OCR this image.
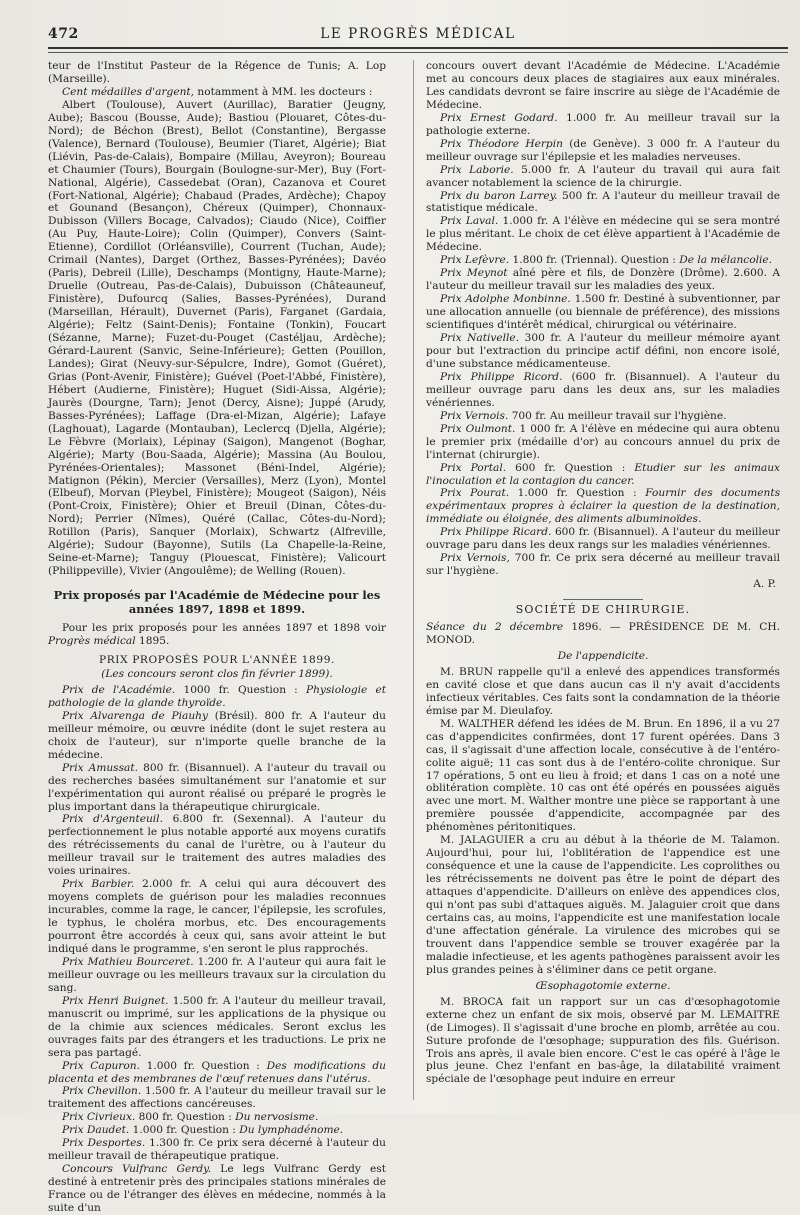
472	LE PROGRÈS MÉDICAL

teur de l'Institut Pasteur de la Régence de Tunis; A. Lop (Marseille).

Cent médailles d'argent, notamment à MM. les docteurs :

Albert (Toulouse), Auvert (Aurillac), Baratier (Jeugny, Aube); Bascou (Bousse, Aude); Bastiou (Plouaret, Côtes-du-Nord); de Béchon (Brest), Bellot (Constantine), Bergasse (Valence), Bernard (Toulouse), Beumier (Tiaret, Algérie); Biat (Liévin, Pas-de-Calais), Bompaire (Millau, Aveyron); Boureau et Chaumier (Tours), Bourgain (Boulogne-sur-Mer), Buy (Fort-National, Algérie), Cassedebat (Oran), Cazanova et Couret (Fort-National, Algérie); Chabaud (Prades, Ardèche); Chapoy et Gounand (Besançon), Chéreux (Quimper), Chonnaux-Dubisson (Villers Bocage, Calvados); Ciaudo (Nice), Coiffier (Au Puy, Haute-Loire); Colin (Quimper), Convers (Saint-Etienne), Cordillot (Orléansville), Courrent (Tuchan, Aude); Crimail (Nantes), Darget (Orthez, Basses-Pyrénées); Davéo (Paris), Debreil (Lille), Deschamps (Montigny, Haute-Marne); Druelle (Outreau, Pas-de-Calais), Dubuisson (Châteauneuf, Finistère), Dufourcq (Salies, Basses-Pyrénées), Durand (Marseillan, Hérault), Duvernet (Paris), Farganet (Gardaia, Algérie); Feltz (Saint-Denis); Fontaine (Tonkin), Foucart (Sézanne, Marne); Fuzet-du-Pouget (Castéljau, Ardèche); Gérard-Laurent (Sanvic, Seine-Inférieure); Getten (Pouillon, Landes); Girat (Neuvy-sur-Sépulcre, Indre), Gomot (Guéret), Grias (Pont-Avenir, Finistère); Guével (Poet-l'Abbé, Finistère), Hébert (Audierne, Finistère); Huguet (Sidi-Aissa, Algérie); Jaurès (Dourgne, Tarn); Jenot (Dercy, Aisne); Juppé (Arudy, Basses-Pyrénées); Laffage (Dra-el-Mizan, Algérie); Lafaye (Laghouat), Lagarde (Montauban), Leclercq (Djella, Algérie); Le Fèbvre (Morlaix), Lépinay (Saigon), Mangenot (Boghar, Algérie); Marty (Bou-Saada, Algérie); Massina (Au Boulou, Pyrénées-Orientales); Massonet (Béni-Indel, Algérie); Matignon (Pékin), Mercier (Versailles), Merz (Lyon), Montel (Elbeuf), Morvan (Pleybel, Finistère); Mougeot (Saigon), Néis (Pont-Croix, Finistère); Ohier et Breuil (Dinan, Côtes-du-Nord); Perrier (Nîmes), Quéré (Callac, Côtes-du-Nord); Rotillon (Paris), Sanquer (Morlaix), Schwartz (Alfreville, Algérie); Sudour (Bayonne), Sutils (La Chapelle-la-Reine, Seine-et-Marne); Tanguy (Plouescat, Finistère); Valicourt (Philippeville), Vivier (Angoulême); de Welling (Rouen).

Prix proposés par l'Académie de Médecine pour les années 1897, 1898 et 1899.

Pour les prix proposés pour les années 1897 et 1898 voir Progrès médical 1895.

PRIX PROPOSÉS POUR L'ANNÉE 1899.
(Les concours seront clos fin février 1899).

Prix de l'Académie. 1000 fr. Question : Physiologie et pathologie de la glande thyroïde.

Prix Alvarenga de Piauhy (Brésil). 800 fr. A l'auteur du meilleur mémoire, ou œuvre inédite (dont le sujet restera au choix de l'auteur), sur n'importe quelle branche de la médecine.

Prix Amussat. 800 fr. (Bisannuel). A l'auteur du travail ou des recherches basées simultanément sur l'anatomie et sur l'expérimentation qui auront réalisé ou préparé le progrès le plus important dans la thérapeutique chirurgicale.

Prix d'Argenteuil. 6.800 fr. (Sexennal). A l'auteur du perfectionnement le plus notable apporté aux moyens curatifs des rétrécissements du canal de l'urètre, ou à l'auteur du meilleur travail sur le traitement des autres maladies des voies urinaires.

Prix Barbier. 2.000 fr. A celui qui aura découvert des moyens complets de guérison pour les maladies reconnues incurables, comme la rage, le cancer, l'épilepsie, les scrofules, le typhus, le choléra morbus, etc. Des encouragements pourront être accordés à ceux qui, sans avoir atteint le but indiqué dans le programme, s'en seront le plus rapprochés.

Prix Mathieu Bourceret. 1.200 fr. A l'auteur qui aura fait le meilleur ouvrage ou les meilleurs travaux sur la circulation du sang.

Prix Henri Buignet. 1.500 fr. A l'auteur du meilleur travail, manuscrit ou imprimé, sur les applications de la physique ou de la chimie aux sciences médicales. Seront exclus les ouvrages faits par des étrangers et les traductions. Le prix ne sera pas partagé.

Prix Capuron. 1.000 fr. Question : Des modifications du placenta et des membranes de l'œuf retenues dans l'utérus.

Prix Chevillon. 1.500 fr. A l'auteur du meilleur travail sur le traitement des affections cancéreuses.

Prix Civrieux. 800 fr. Question : Du nervosisme.

Prix Daudet. 1.000 fr. Question : Du lymphadénome.

Prix Desportes. 1.300 fr. Ce prix sera décerné à l'auteur du meilleur travail de thérapeutique pratique.

Concours Vulfranc Gerdy. Le legs Vulfranc Gerdy est destiné à entretenir près des principales stations minérales de France ou de l'étranger des élèves en médecine, nommés à la suite d'un

concours ouvert devant l'Académie de Médecine. L'Académie met au concours deux places de stagiaires aux eaux minérales. Les candidats devront se faire inscrire au siège de l'Académie de Médecine.

Prix Ernest Godard. 1.000 fr. Au meilleur travail sur la pathologie externe.

Prix Théodore Herpin (de Genève). 3 000 fr. A l'auteur du meilleur ouvrage sur l'épilepsie et les maladies nerveuses.

Prix Laborie. 5.000 fr. A l'auteur du travail qui aura fait avancer notablement la science de la chirurgie.

Prix du baron Larrey. 500 fr. A l'auteur du meilleur travail de statistique médicale.

Prix Laval. 1.000 fr. A l'élève en médecine qui se sera montré le plus méritant. Le choix de cet élève appartient à l'Académie de Médecine.

Prix Lefèvre. 1.800 fr. (Triennal). Question : De la mélancolie.

Prix Meynot aîné père et fils, de Donzère (Drôme). 2.600. A l'auteur du meilleur travail sur les maladies des yeux.

Prix Adolphe Monbinne. 1.500 fr. Destiné à subventionner, par une allocation annuelle (ou biennale de préférence), des missions scientifiques d'intérêt médical, chirurgical ou vétérinaire.

Prix Nativelle. 300 fr. A l'auteur du meilleur mémoire ayant pour but l'extraction du principe actif défini, non encore isolé, d'une substance médicamenteuse.

Prix Philippe Ricord. (600 fr. (Bisannuel). A l'auteur du meilleur ouvrage paru dans les deux ans, sur les maladies vénériennes.

Prix Vernois. 700 fr. Au meilleur travail sur l'hygiène.

Prix Oulmont. 1 000 fr. A l'élève en médecine qui aura obtenu le premier prix (médaille d'or) au concours annuel du prix de l'internat (chirurgie).

Prix Portal. 600 fr. Question : Etudier sur les animaux l'inoculation et la contagion du cancer.

Prix Pourat. 1.000 fr. Question : Fournir des documents expérimentaux propres à éclairer la question de la destination, immédiate ou éloignée, des aliments albuminoïdes.

Prix Philippe Ricard. 600 fr. (Bisannuel). A l'auteur du meilleur ouvrage paru dans les deux rangs sur les maladies vénériennes.

Prix Vernois, 700 fr. Ce prix sera décerné au meilleur travail sur l'hygiène.

A. P.

SOCIÉTÉ DE CHIRURGIE.

Séance du 2 décembre 1896. — PRÉSIDENCE DE M. CH. MONOD.

De l'appendicite.

M. BRUN rappelle qu'il a enlevé des appendices transformés en cavité close et que dans aucun cas il n'y avait d'accidents infectieux véritables. Ces faits sont la condamnation de la théorie émise par M. Dieulafoy.

M. WALTHER défend les idées de M. Brun. En 1896, il a vu 27 cas d'appendicites confirmées, dont 17 furent opérées. Dans 3 cas, il s'agissait d'une affection locale, consécutive à de l'entéro-colite aiguë; 11 cas sont dus à de l'entéro-colite chronique. Sur 17 opérations, 5 ont eu lieu à froid; et dans 1 cas on a noté une oblitération complète. 10 cas ont été opérés en poussées aiguës avec une mort. M. Walther montre une pièce se rapportant à une première poussée d'appendicite, accompagnée par des phénomènes péritonitiques.

M. JALAGUIER a cru au début à la théorie de M. Talamon. Aujourd'hui, pour lui, l'oblitération de l'appendice est une conséquence et une la cause de l'appendicite. Les coprolithes ou les rétrécissements ne doivent pas être le point de départ des attaques d'appendicite. D'ailleurs on enlève des appendices clos, qui n'ont pas subi d'attaques aiguës. M. Jalaguier croit que dans certains cas, au moins, l'appendicite est une manifestation locale d'une affectation générale. La virulence des microbes qui se trouvent dans l'appendice semble se trouver exagérée par la maladie infectieuse, et les agents pathogènes paraissent avoir les plus grandes peines à s'éliminer dans ce petit organe.

Œsophagotomie externe.

M. BROCA fait un rapport sur un cas d'œsophagotomie externe chez un enfant de six mois, observé par M. LEMAITRE (de Limoges). Il s'agissait d'une broche en plomb, arrêtée au cou. Suture profonde de l'œsophage; suppuration des fils. Guérison. Trois ans après, il avale bien encore. C'est le cas opéré à l'âge le plus jeune. Chez l'enfant en bas-âge, la dilatabilité vraiment spéciale de l'œsophage peut induire en erreur
